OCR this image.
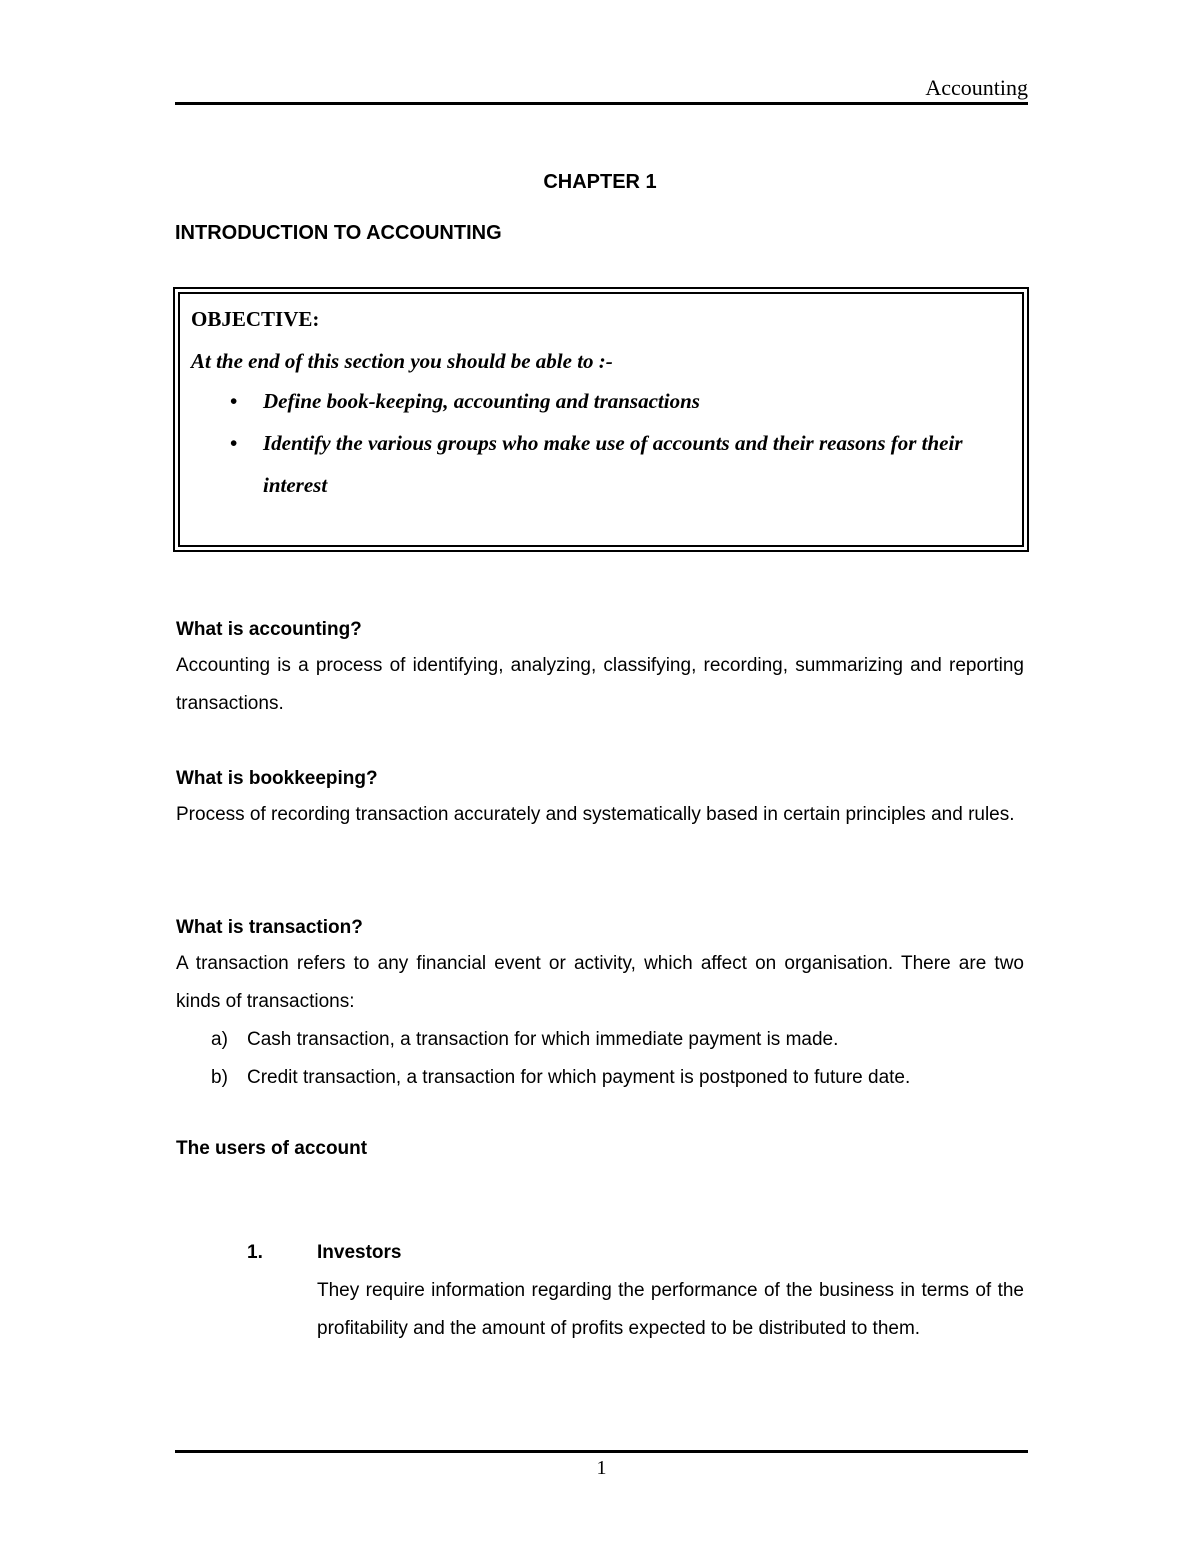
Accounting
CHAPTER 1
INTRODUCTION TO ACCOUNTING
OBJECTIVE:
At the end of this section you should be able to :-
• Define book-keeping, accounting and transactions
• Identify the various groups who make use of accounts and their reasons for their interest
What is accounting?
Accounting is a process of identifying, analyzing, classifying, recording, summarizing and reporting transactions.
What is bookkeeping?
Process of recording transaction accurately and systematically based in certain principles and rules.
What is transaction?
A transaction refers to any financial event or activity, which affect on organisation. There are two kinds of transactions:
a) Cash transaction, a transaction for which immediate payment is made.
b) Credit transaction, a transaction for which payment is postponed to future date.
The users of account
1.	Investors
They require information regarding the performance of the business in terms of the profitability and the amount of profits expected to be distributed to them.
1
